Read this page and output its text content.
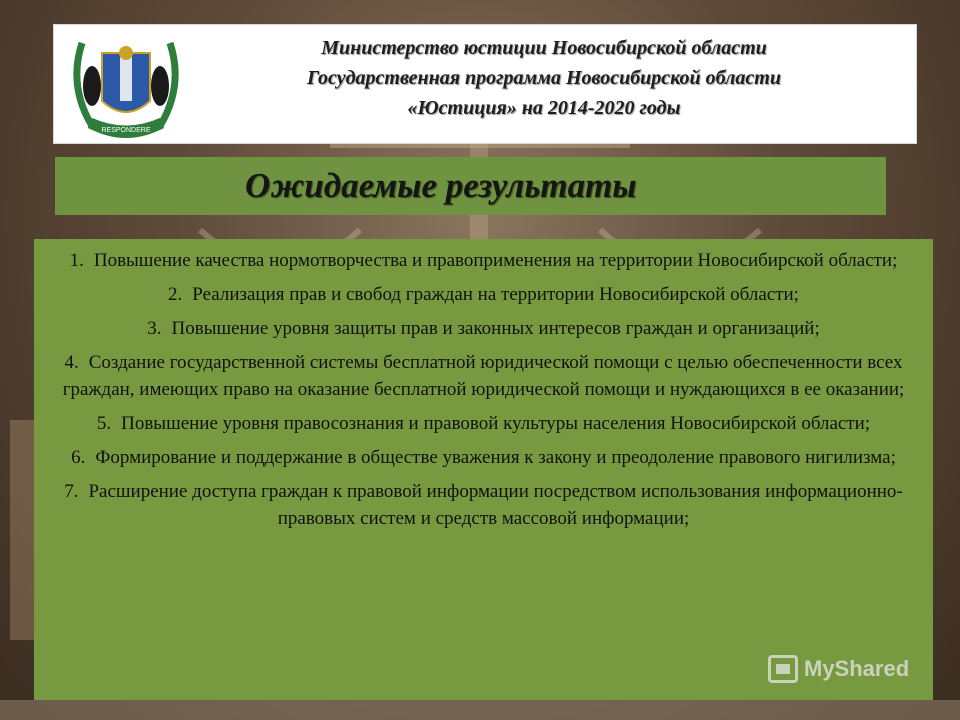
RESPONDERE
Министерство юстиции Новосибирской области
Государственная программа Новосибирской области
«Юстиция» на 2014-2020 годы
Ожидаемые результаты
1. Повышение качества нормотворчества и правоприменения на территории Новосибирской области;
2. Реализация прав и свобод граждан на территории Новосибирской области;
3. Повышение уровня защиты прав и законных интересов граждан и организаций;
4. Создание государственной системы бесплатной юридической помощи с целью обеспеченности всех граждан, имеющих право на оказание бесплатной юридической помощи и нуждающихся в ее оказании;
5. Повышение уровня правосознания и правовой культуры населения Новосибирской области;
6. Формирование и поддержание в обществе уважения к закону и преодоление правового нигилизма;
7. Расширение доступа граждан к правовой информации посредством использования информационно-правовых систем и средств массовой информации;
MyShared
